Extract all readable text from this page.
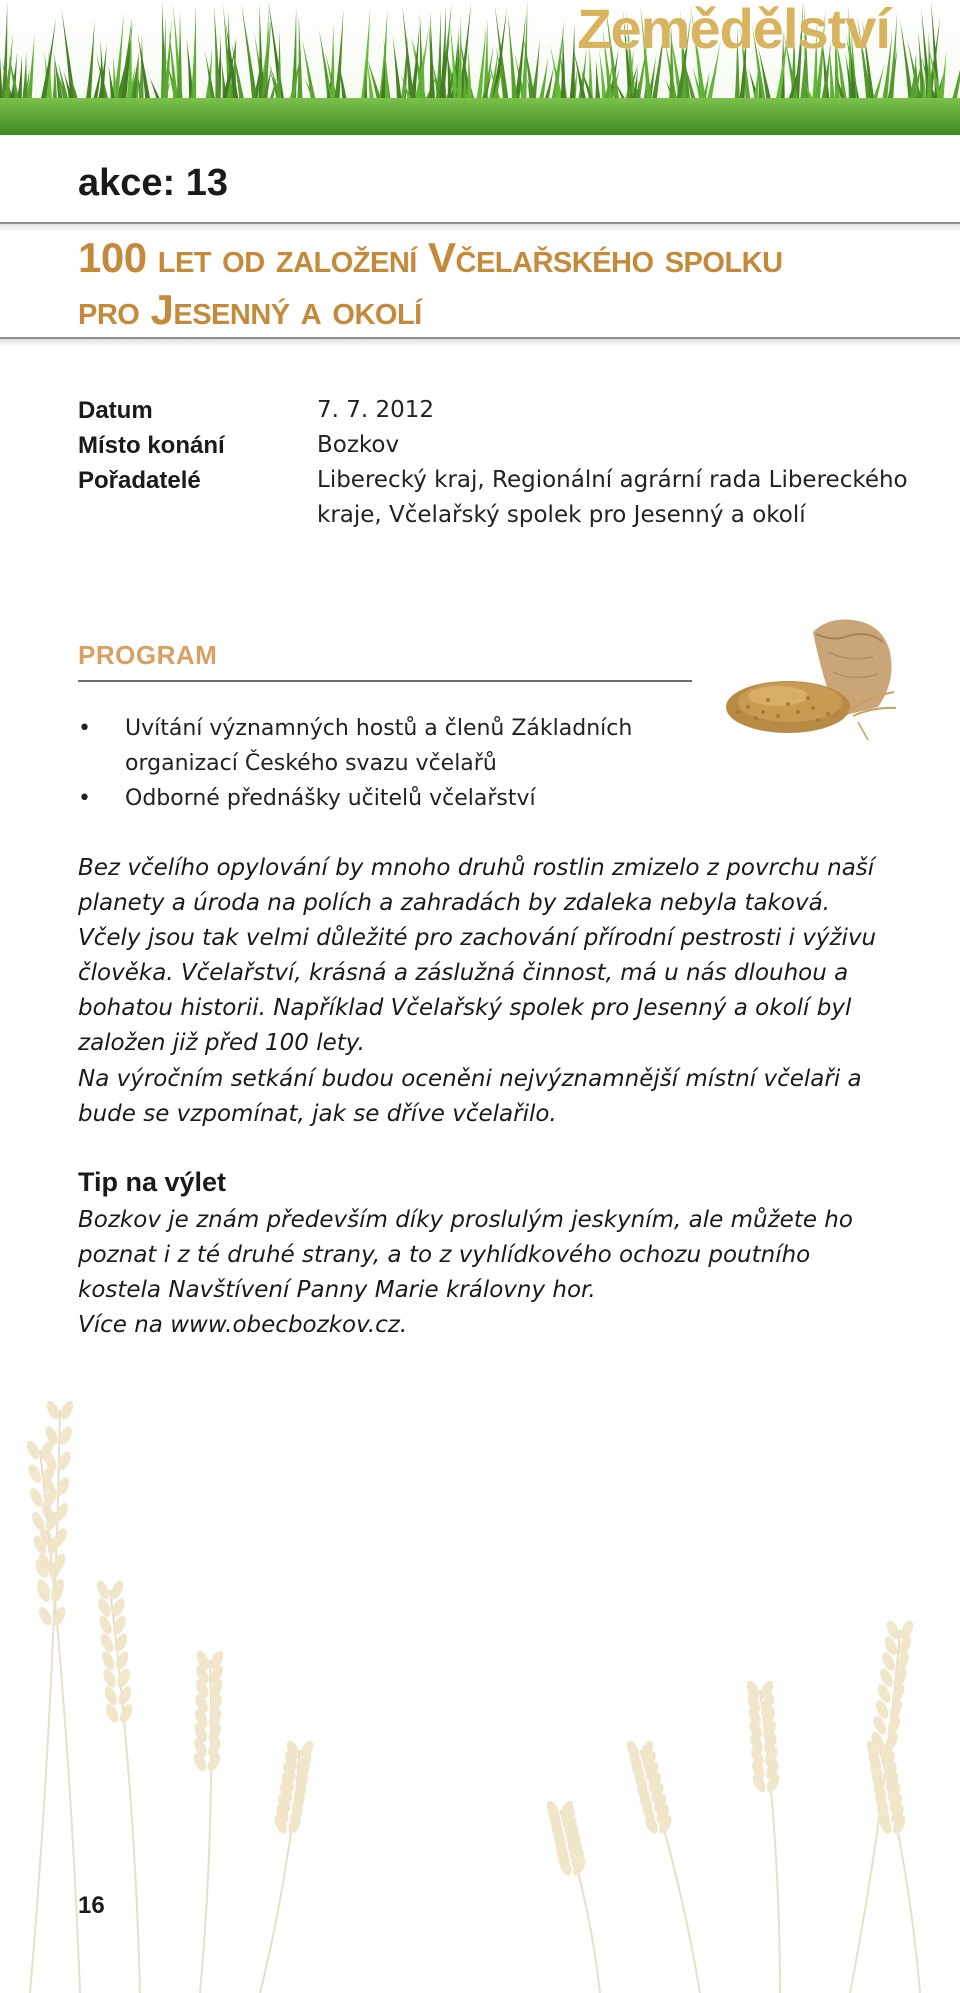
Zemědělství
akce: 13
100 let od založení Včelařského spolku
pro Jesenný a okolí
Datum	7. 7. 2012
Místo konání	Bozkov
Pořadatelé	Liberecký kraj, Regionální agrární rada Libereckého kraje, Včelařský spolek pro Jesenný a okolí
PROGRAM
• Uvítání významných hostů a členů Základních organizací Českého svazu včelařů
• Odborné přednášky učitelů včelařství
Bez včelího opylování by mnoho druhů rostlin zmizelo z povrchu naší planety a úroda na polích a zahradách by zdaleka nebyla taková. Včely jsou tak velmi důležité pro zachování přírodní pestrosti i výživu člověka. Včelařství, krásná a záslužná činnost, má u nás dlouhou a bohatou historii. Například Včelařský spolek pro Jesenný a okolí byl založen již před 100 lety.
Na výročním setkání budou oceněni nejvýznamnější místní včelaři a bude se vzpomínat, jak se dříve včelařilo.
Tip na výlet
Bozkov je znám především díky proslulým jeskyním, ale můžete ho poznat i z té druhé strany, a to z vyhlídkového ochozu poutního kostela Navštívení Panny Marie královny hor.
Více na www.obecbozkov.cz.
16
